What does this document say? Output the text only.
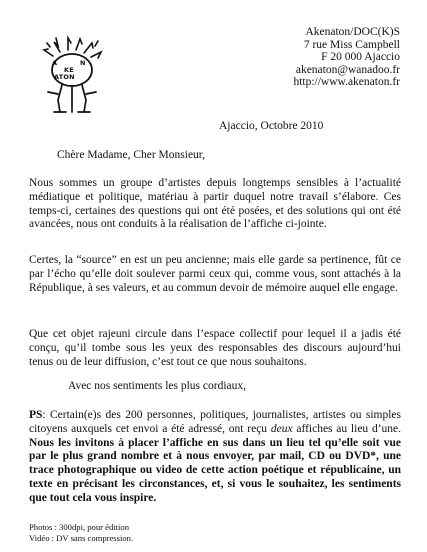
A
KE
ATON
N
Akenaton/DOC(K)S
7 rue Miss Campbell
F 20 000 Ajaccio
akenaton@wanadoo.fr
http://www.akenaton.fr
Ajaccio, Octobre 2010
Chère Madame, Cher Monsieur,

Nous sommes un groupe d’artistes depuis longtemps sensibles à l’actualité médiatique et politique, matériau à partir duquel notre travail s’élabore. Ces temps-ci, certaines des questions qui ont été posées, et des solutions qui ont été avancées, nous ont conduits à la réalisation de l’affiche ci-jointe.

Certes, la “source” en est un peu ancienne; mais elle garde sa pertinence, fût ce par l’écho qu’elle doit soulever parmi ceux qui, comme vous, sont attachés à la République, à ses valeurs, et au commun devoir de mémoire auquel elle engage.

Que cet objet rajeuni circule dans l’espace collectif pour lequel il a jadis été conçu, qu’il tombe sous les yeux des responsables des discours aujourd’hui tenus ou de leur diffusion, c’est tout ce que nous souhaitons.

Avec nos sentiments les plus cordiaux,

PS: Certain(e)s des 200 personnes, politiques, journalistes, artistes ou simples citoyens auxquels cet envoi a été adressé, ont reçu deux affiches au lieu d’une. Nous les invitons à placer l’affiche en sus dans un lieu tel qu’elle soit vue par le plus grand nombre et à nous envoyer, par mail, CD ou DVD*, une trace photographique ou video de cette action poétique et républicaine, un texte en précisant les circonstances, et, si vous le souhaitez, les sentiments que tout cela vous inspire.

Photos : 300dpi, pour édition
Vidéo : DV sans compression.
